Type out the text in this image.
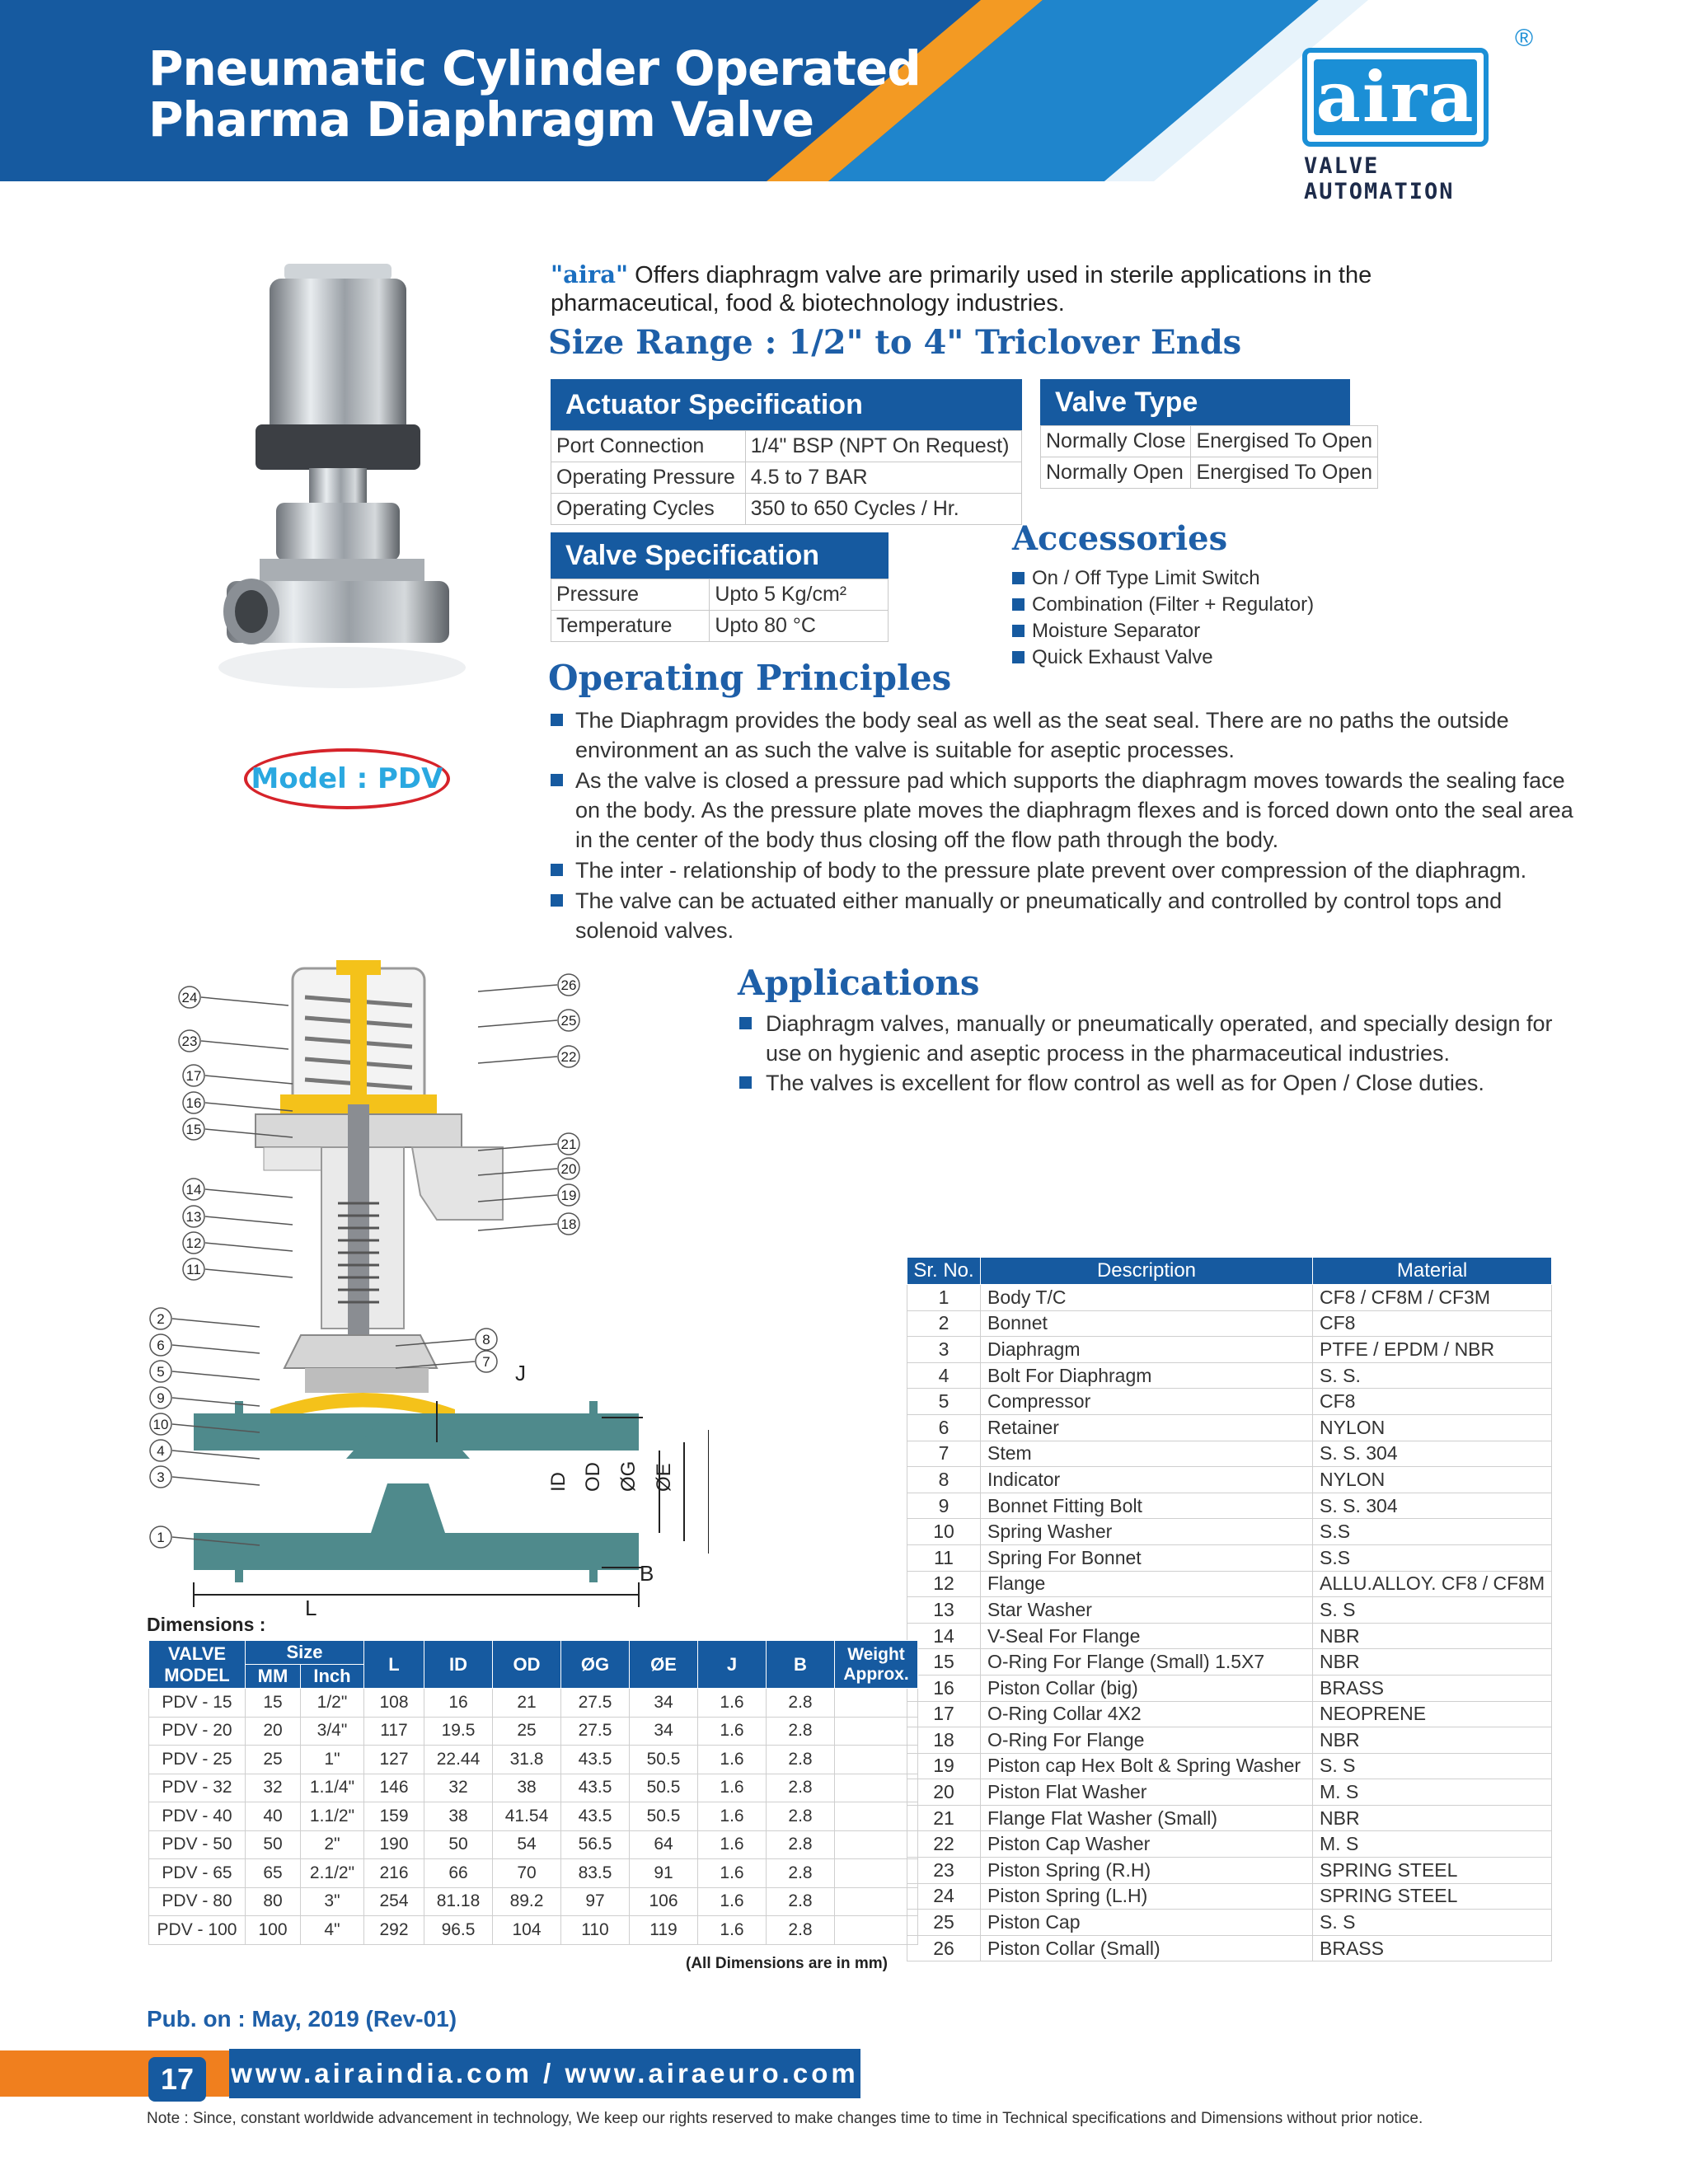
Pneumatic Cylinder Operated
Pharma Diaphragm Valve	aira
®
VALVE AUTOMATION
"aira" Offers diaphragm valve are primarily used in sterile applications in the pharmaceutical, food & biotechnology industries.
Size Range : 1/2" to 4" Triclover Ends
Actuator Specification
Port Connection	1/4" BSP (NPT On Request)
Operating Pressure	4.5 to 7 BAR
Operating Cycles	350 to 650 Cycles / Hr.
Valve Type
Normally Close	Energised To Open
Normally Open	Energised To Open
Valve Specification
Pressure	Upto 5 Kg/cm²
Temperature	Upto 80 °C
Accessories
On / Off Type Limit Switch
Combination (Filter + Regulator)
Moisture Separator
Quick Exhaust Valve
Operating Principles
The Diaphragm provides the body seal as well as the seat seal. There are no paths the outside environment an as such the valve is suitable for aseptic processes.
As the valve is closed a pressure pad which supports the diaphragm moves towards the sealing face on the body. As the pressure plate moves the diaphragm flexes and is forced down onto the seal area in the center of the body thus closing off the flow path through the body.
The inter - relationship of body to the pressure plate prevent over compression of the diaphragm.
The valve can be actuated either manually or pneumatically and controlled by control tops and solenoid valves.
Model : PDV
Applications
Diaphragm valves, manually or pneumatically operated, and specially design for use on hygienic and aseptic process in the pharmaceutical industries.
The valves is excellent for flow control as well as for Open / Close duties.
24
23
17
16
15
14
13
12
11
2
6
5
9
10
4
3
1
26
25
22
21
20
19
18
8
7
L
B
J
ID OD ØG ØE
Sr. No.	Description	Material
1	Body T/C	CF8 / CF8M / CF3M
2	Bonnet	CF8
3	Diaphragm	PTFE / EPDM / NBR
4	Bolt For Diaphragm	S. S.
5	Compressor	CF8
6	Retainer	NYLON
7	Stem	S. S. 304
8	Indicator	NYLON
9	Bonnet Fitting Bolt	S. S. 304
10	Spring Washer	S.S
11	Spring For Bonnet	S.S
12	Flange	ALLU.ALLOY. CF8 / CF8M
13	Star Washer	S. S
14	V-Seal For Flange	NBR
15	O-Ring For Flange (Small) 1.5X7	NBR
16	Piston Collar (big)	BRASS
17	O-Ring Collar 4X2	NEOPRENE
18	O-Ring For Flange	NBR
19	Piston cap Hex Bolt & Spring Washer	S. S
20	Piston Flat Washer	M. S
21	Flange Flat Washer (Small)	NBR
22	Piston Cap Washer	M. S
23	Piston Spring (R.H)	SPRING STEEL
24	Piston Spring (L.H)	SPRING STEEL
25	Piston Cap	S. S
26	Piston Collar (Small)	BRASS
Dimensions :
VALVE MODEL	Size		L	ID	OD	ØG	ØE	J	B	Weight Approx.
	MM	Inch								
PDV - 15	15	1/2"	108	16	21	27.5	34	1.6	2.8	
PDV - 20	20	3/4"	117	19.5	25	27.5	34	1.6	2.8	
PDV - 25	25	1"	127	22.44	31.8	43.5	50.5	1.6	2.8	
PDV - 32	32	1.1/4"	146	32	38	43.5	50.5	1.6	2.8	
PDV - 40	40	1.1/2"	159	38	41.54	43.5	50.5	1.6	2.8	
PDV - 50	50	2"	190	50	54	56.5	64	1.6	2.8	
PDV - 65	65	2.1/2"	216	66	70	83.5	91	1.6	2.8	
PDV - 80	80	3"	254	81.18	89.2	97	106	1.6	2.8	
PDV - 100	100	4"	292	96.5	104	110	119	1.6	2.8	
(All Dimensions are in mm)
Pub. on : May, 2019 (Rev-01)
17	www.airaindia.com / www.airaeuro.com
Note : Since, constant worldwide advancement in technology, We keep our rights reserved to make changes time to time in Technical specifications and Dimensions without prior notice.
